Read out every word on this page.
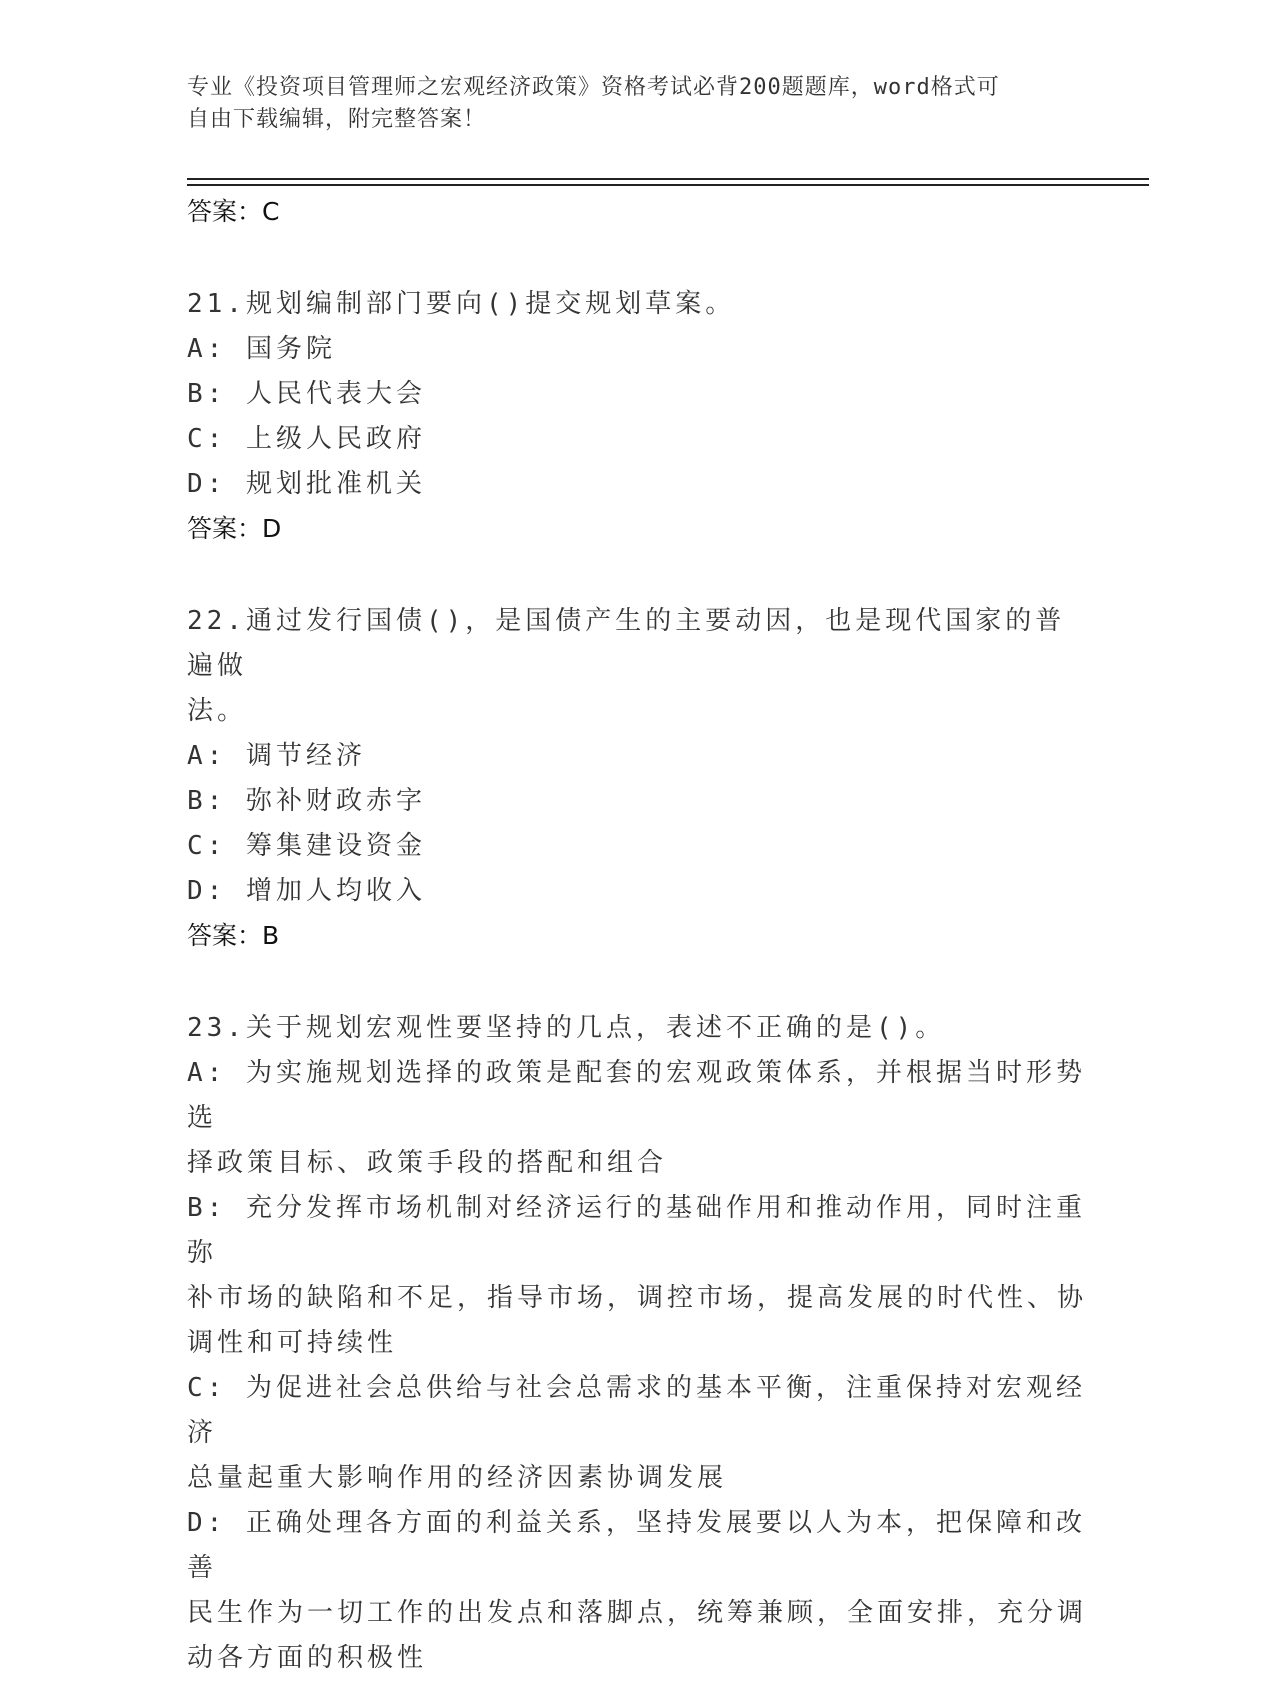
专业《投资项目管理师之宏观经济政策》资格考试必背200题题库，word格式可
自由下载编辑，附完整答案！
答案：C
21.规划编制部门要向()提交规划草案。
A: 国务院
B: 人民代表大会
C: 上级人民政府
D: 规划批准机关
答案：D
22.通过发行国债()，是国债产生的主要动因，也是现代国家的普遍做
法。
A: 调节经济
B: 弥补财政赤字
C: 筹集建设资金
D: 增加人均收入
答案：B
23.关于规划宏观性要坚持的几点，表述不正确的是()。
A: 为实施规划选择的政策是配套的宏观政策体系，并根据当时形势选
择政策目标、政策手段的搭配和组合
B: 充分发挥市场机制对经济运行的基础作用和推动作用，同时注重弥
补市场的缺陷和不足，指导市场，调控市场，提高发展的时代性、协
调性和可持续性
C: 为促进社会总供给与社会总需求的基本平衡，注重保持对宏观经济
总量起重大影响作用的经济因素协调发展
D: 正确处理各方面的利益关系，坚持发展要以人为本，把保障和改善
民生作为一切工作的出发点和落脚点，统筹兼顾，全面安排，充分调
动各方面的积极性
